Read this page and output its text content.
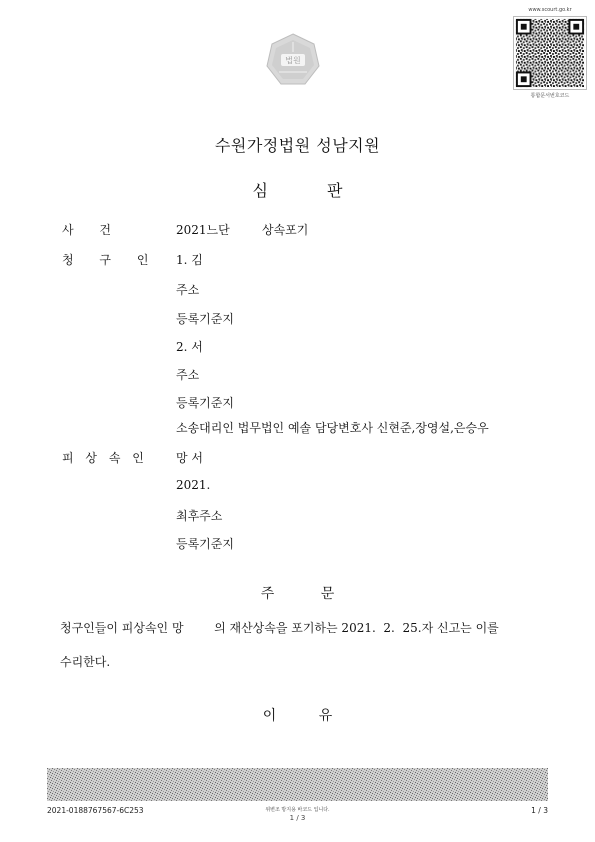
법원
www.scourt.go.kr
통합문서번호코드
수원가정법원 성남지원
심 판
사 건	2021느단	상속포기
청 구 인 1. 김
주소
등록기준지
2. 서
주소
등록기준지
소송대리인 법무법인 예솔 담당변호사 신현준,장영설,은승우
피 상 속 인	망 서
2021.
최후주소
등록기준지
주 문
청구인들이 피상속인 망        의 재산상속을 포기하는 2021.  2.  25.자 신고는 이를
수리한다.
이 유
2021-0188767567-6C253	위변조 방지용 바코드 입니다.
1 / 3
1 / 3
